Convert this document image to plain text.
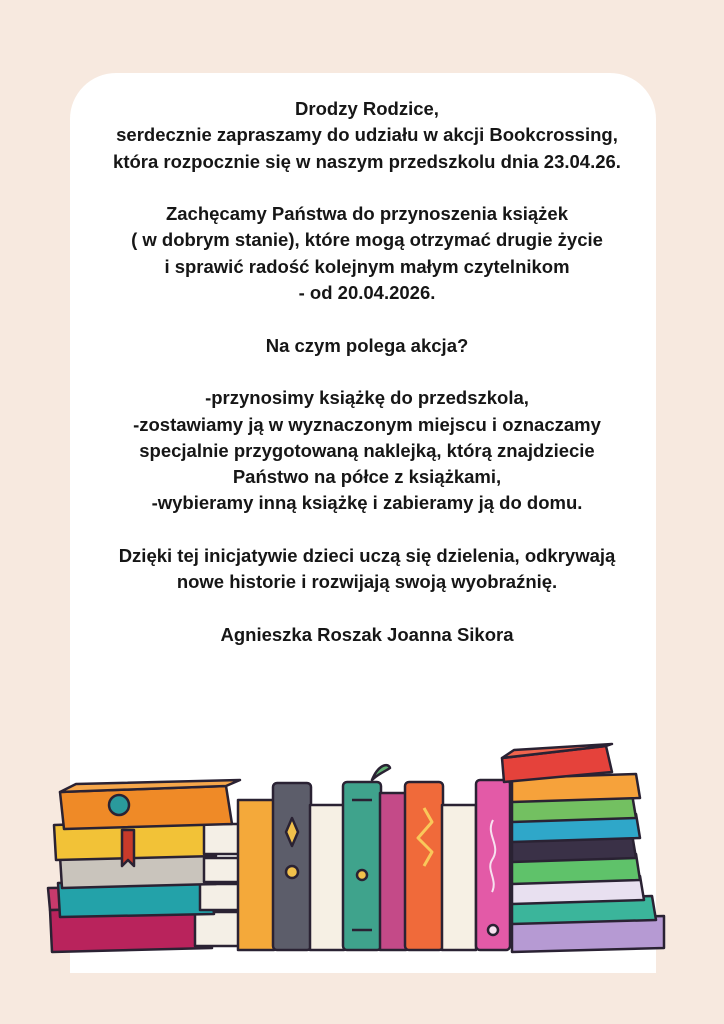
Drodzy Rodzice,

serdecznie zapraszamy do udziału w akcji Bookcrossing,

która rozpocznie się w naszym przedszkolu dnia 23.04.26.

Zachęcamy Państwa do przynoszenia książek

( w dobrym stanie), które mogą otrzymać drugie życie

i sprawić radość kolejnym małym czytelnikom

- od 20.04.2026.

Na czym polega akcja?

-przynosimy książkę do przedszkola,

-zostawiamy ją w wyznaczonym miejscu i oznaczamy

specjalnie przygotowaną naklejką, którą znajdziecie

Państwo na półce z książkami,

-wybieramy inną książkę i zabieramy ją do domu.

Dzięki tej inicjatywie dzieci uczą się dzielenia, odkrywają

nowe historie i rozwijają swoją wyobraźnię.

Agnieszka Roszak Joanna Sikora
